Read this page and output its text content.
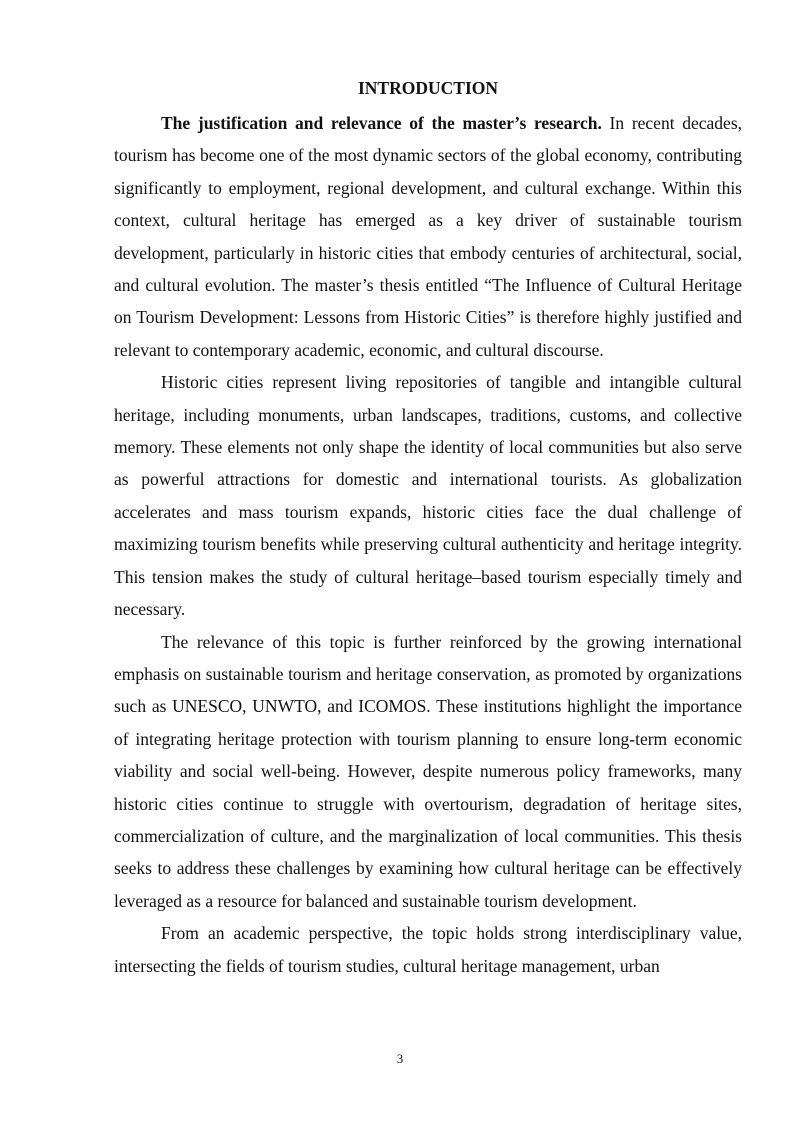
INTRODUCTION

The justification and relevance of the master’s research. In recent decades, tourism has become one of the most dynamic sectors of the global economy, contributing significantly to employment, regional development, and cultural exchange. Within this context, cultural heritage has emerged as a key driver of sustainable tourism development, particularly in historic cities that embody centuries of architectural, social, and cultural evolution. The master’s thesis entitled “The Influence of Cultural Heritage on Tourism Development: Lessons from Historic Cities” is therefore highly justified and relevant to contemporary academic, economic, and cultural discourse.

Historic cities represent living repositories of tangible and intangible cultural heritage, including monuments, urban landscapes, traditions, customs, and collective memory. These elements not only shape the identity of local communities but also serve as powerful attractions for domestic and international tourists. As globalization accelerates and mass tourism expands, historic cities face the dual challenge of maximizing tourism benefits while preserving cultural authenticity and heritage integrity. This tension makes the study of cultural heritage–based tourism especially timely and necessary.

The relevance of this topic is further reinforced by the growing international emphasis on sustainable tourism and heritage conservation, as promoted by organizations such as UNESCO, UNWTO, and ICOMOS. These institutions highlight the importance of integrating heritage protection with tourism planning to ensure long-term economic viability and social well-being. However, despite numerous policy frameworks, many historic cities continue to struggle with overtourism, degradation of heritage sites, commercialization of culture, and the marginalization of local communities. This thesis seeks to address these challenges by examining how cultural heritage can be effectively leveraged as a resource for balanced and sustainable tourism development.

From an academic perspective, the topic holds strong interdisciplinary value, intersecting the fields of tourism studies, cultural heritage management, urban

3
